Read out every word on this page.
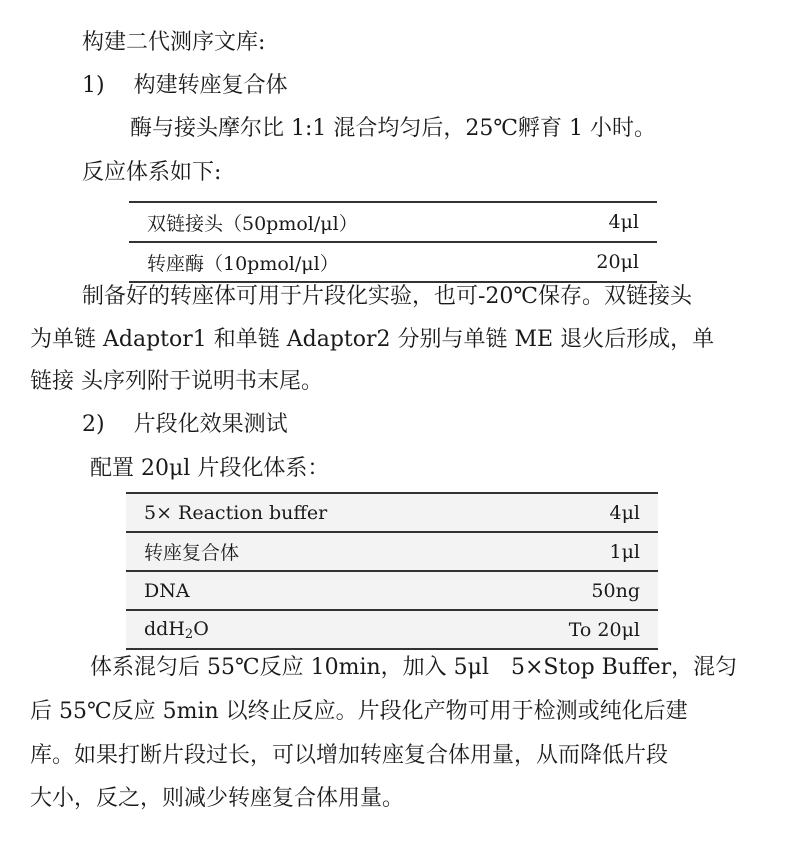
构建二代测序文库:
1) 构建转座复合体
酶与接头摩尔比 1:1 混合均匀后，25℃孵育 1 小时。
反应体系如下:
双链接头（50pmol/μl）	4μl
转座酶（10pmol/μl）	20μl
制备好的转座体可用于片段化实验，也可-20℃保存。双链接头
为单链 Adaptor1 和单链 Adaptor2 分别与单链 ME 退火后形成，单
链接 头序列附于说明书末尾。
2) 片段化效果测试
配置 20μl 片段化体系：
5× Reaction buffer	4μl
转座复合体	1μl
DNA	50ng
ddH$_2$O	To 20μl
体系混匀后 55℃反应 10min，加入 5μl　5×Stop Buffer，混匀
后 55℃反应 5min 以终止反应。片段化产物可用于检测或纯化后建
库。如果打断片段过长，可以增加转座复合体用量，从而降低片段
大小，反之，则减少转座复合体用量。
